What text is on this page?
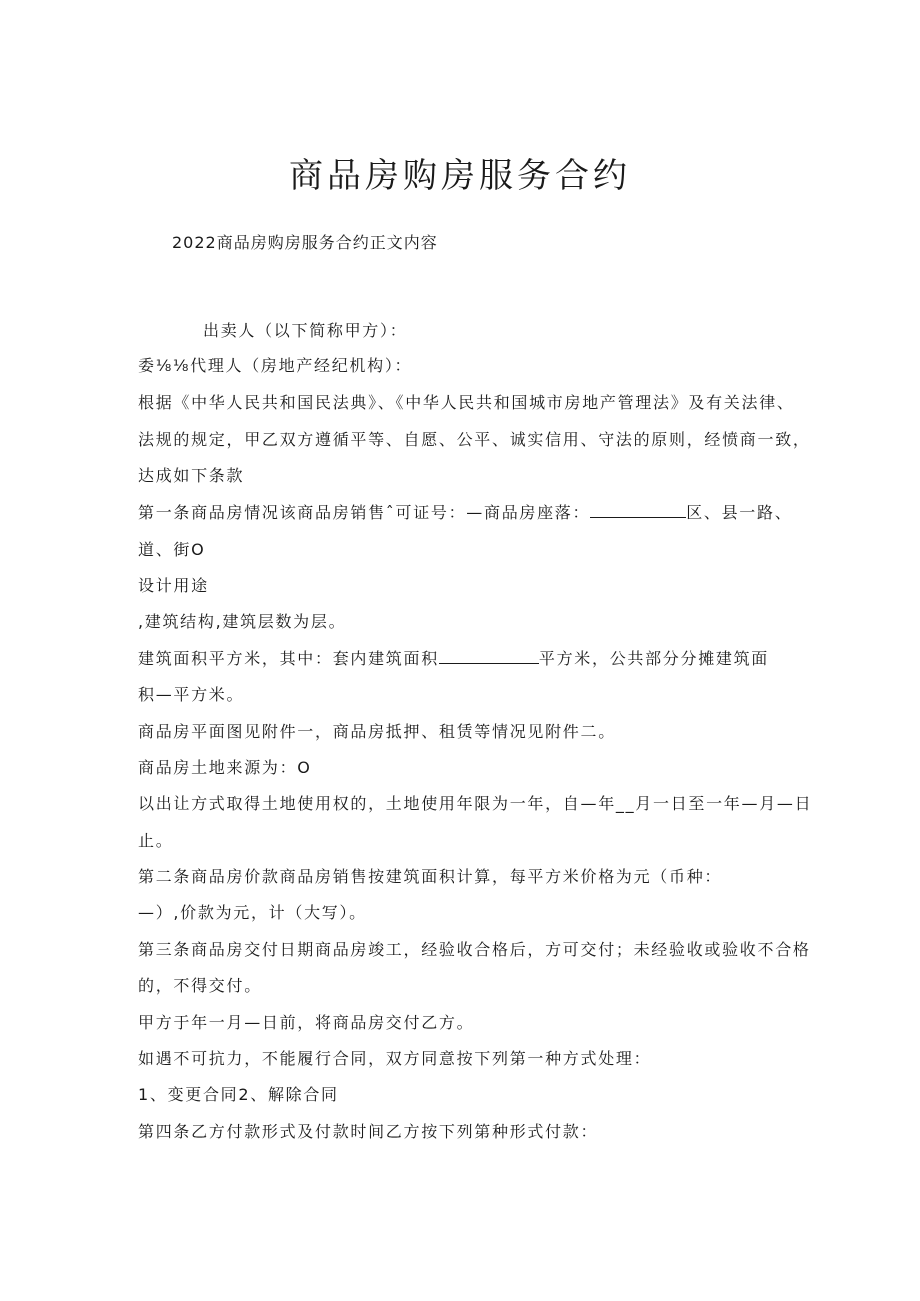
商品房购房服务合约
2022商品房购房服务合约正文内容
出卖人（以下简称甲方）：
委⅛⅛代理人（房地产经纪机构）：
根据《中华人民共和国民法典》、《中华人民共和国城市房地产管理法》及有关法律、
法规的规定，甲乙双方遵循平等、自愿、公平、诚实信用、守法的原则，经愤商一致，
达成如下条款
第一条商品房情况该商品房销售ˆ可证号：—商品房座落：	区、县一路、
道、街O
设计用途
,建筑结构,建筑层数为层。
建筑面积平方米，其中：套内建筑面积	平方米，公共部分分摊建筑面
积—平方米。
商品房平面图见附件一，商品房抵押、租赁等情况见附件二。
商品房土地来源为：O
以出让方式取得土地使用权的，土地使用年限为一年，自—年__月一日至一年—月—日
止。
第二条商品房价款商品房销售按建筑面积计算，每平方米价格为元（币种：
—）,价款为元，计（大写）。
第三条商品房交付日期商品房竣工，经验收合格后，方可交付；未经验收或验收不合格
的，不得交付。
甲方于年一月—日前，将商品房交付乙方。
如遇不可抗力，不能履行合同，双方同意按下列第一种方式处理：
1、变更合同2、解除合同
第四条乙方付款形式及付款时间乙方按下列第种形式付款：
